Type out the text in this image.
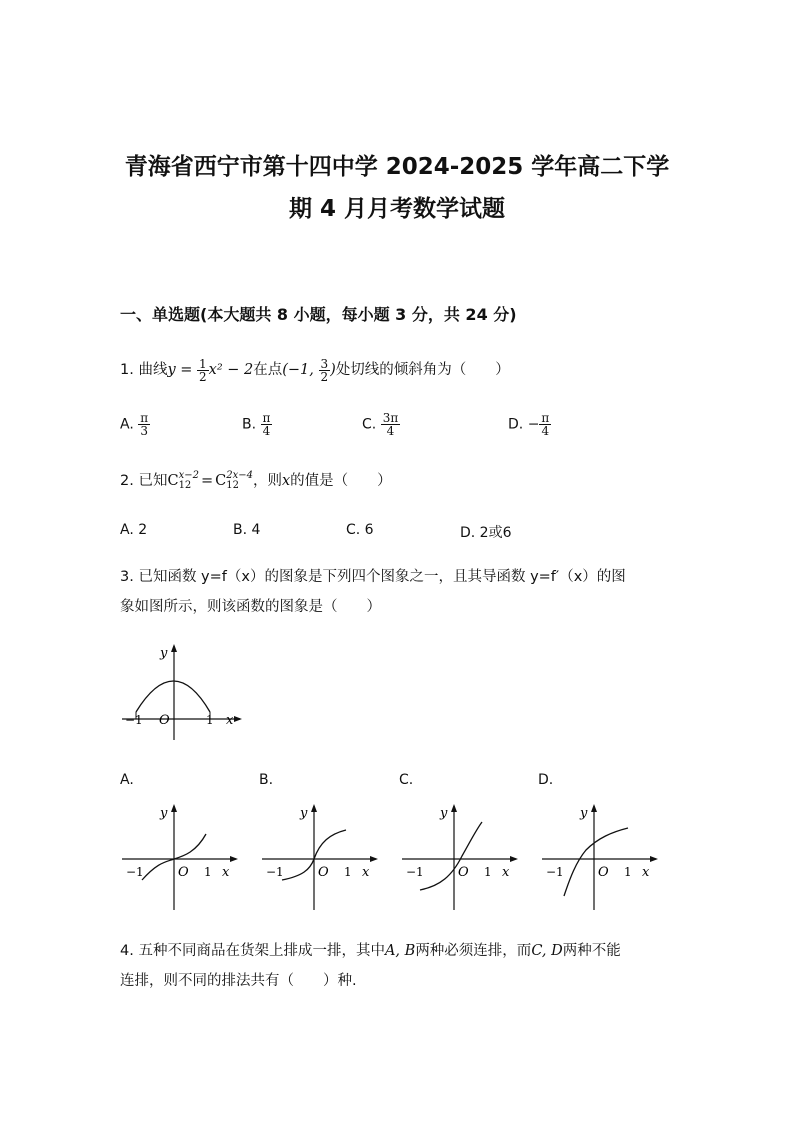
青海省西宁市第十四中学 2024-2025 学年高二下学
期 4 月月考数学试题
一、单选题(本大题共 8 小题，每小题 3 分，共 24 分)
1. 曲线$y = \frac{1}{2} x^2 - 2$在点(−1, $\frac{3}{2}$ )处切线的倾斜角为（　　）
A. $\frac{\pi}{3}$	B. $\frac{\pi}{4}$	C. $\frac{3\pi}{4}$	D. − $\frac{\pi}{4}$
2. 已知C x−2
12 = C 2x−4
12 ，则x的值是（　　）
A. 2	B. 4	C. 6	D. 2或6
3. 已知函数 y=f（x）的图象是下列四个图象之一，且其导函数 y=f′（x）的图
象如图所示，则该函数的图象是（　　）
y
x
O
−1	1
A.	B.	C.	D.
y
x
O
−1	1
y
x
O
−1	1
y
x
O
−1	1
y
x
O
−1	1
4. 五种不同商品在货架上排成一排，其中A, B两种必须连排，而C, D两种不能
连排，则不同的排法共有（　　）种.
